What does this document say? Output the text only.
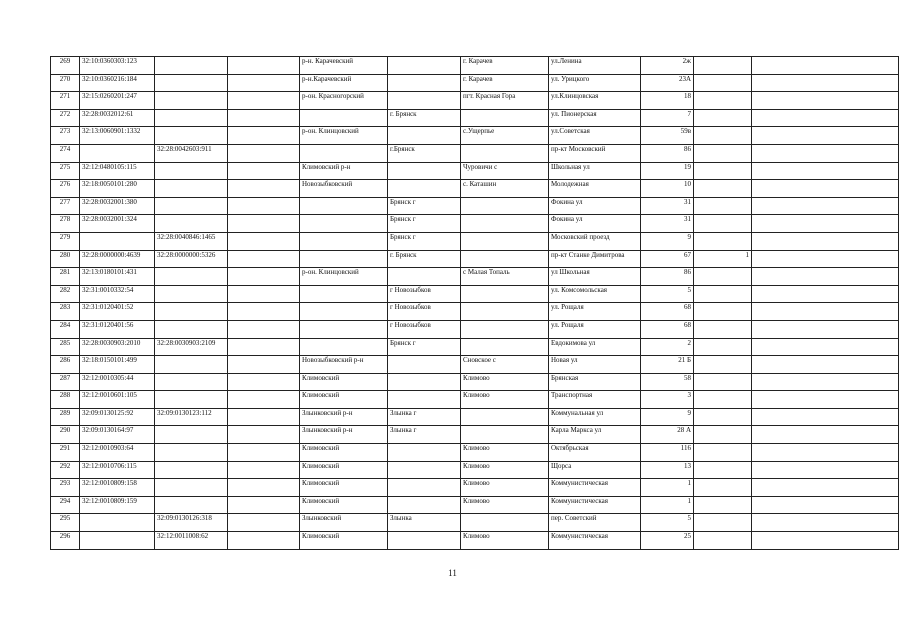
269	32:10:0360303:123			р-н. Карачевский		г. Карачев	ул.Ленина	2ж		
270	32:10:0360216:184			р-н.Карачевский		г. Карачев	ул. Урицкого	23А		
271	32:15:0260201:247			р-он. Красногорский		пгт. Красная Гора	ул.Клинцовская	18		
272	32:28:0032012:61				г. Брянск		ул. Пионерская	7		
273	32:13:0060901:1332			р-он. Клинцовский		с.Ущерпье	ул.Советская	59в		
274		32:28:0042603:911			г.Брянск		пр-кт Московский	86		
275	32:12:0480105:115			Климовский р-н		Чуровичи с	Школьная ул	19		
276	32:18:0050101:280			Новозыбковский		с. Каташин	Молодежная	10		
277	32:28:0032001:380				Брянск г		Фокина ул	31		
278	32:28:0032001:324				Брянск г		Фокина ул	31		
279		32:28:0040846:1465			Брянск г		Московский проезд	9		
280	32:28:0000000:4639	32:28:0000000:5326			г. Брянск		пр-кт Станке Димитрова	67	1	
281	32:13:0180101:431			р-он. Клинцовский		с Малая Топаль	ул Школьная	86		
282	32:31:0010332:54				г Новозыбков		ул. Комсомольская	5		
283	32:31:0120401:52				г Новозыбков		ул. Рощаля	68		
284	32:31:0120401:56				г Новозыбков		ул. Рощаля	68		
285	32:28:0030903:2010	32:28:0030903:2109			Брянск г		Евдокимова ул	2		
286	32:18:0150101:499			Новозыбковский р-н		Сновское с	Новая ул	21 Б		
287	32:12:0010305:44			Климовский		Климово	Брянская	58		
288	32:12:0010601:105			Климовский		Климово	Транспортная	3		
289	32:09:0130125:92	32:09:0130123:112		Злынковский р-н	Злынка г		Коммунальная ул	9		
290	32:09:0130164:97			Злынковский р-н	Злынка г		Карла Маркса ул	28 А		
291	32:12:0010903:64			Климовский		Климово	Октябрьская	116		
292	32:12:0010706:115			Климовский		Климово	Щорса	13		
293	32:12:0010809:158			Климовский		Климово	Коммунистическая	1		
294	32:12:0010809:159			Климовский		Климово	Коммунистическая	1		
295		32:09:0130126:318		Злынковский	Злынка		пер. Советский	5		
296		32:12:0011008:62		Климовский		Климово	Коммунистическая	25		
11
